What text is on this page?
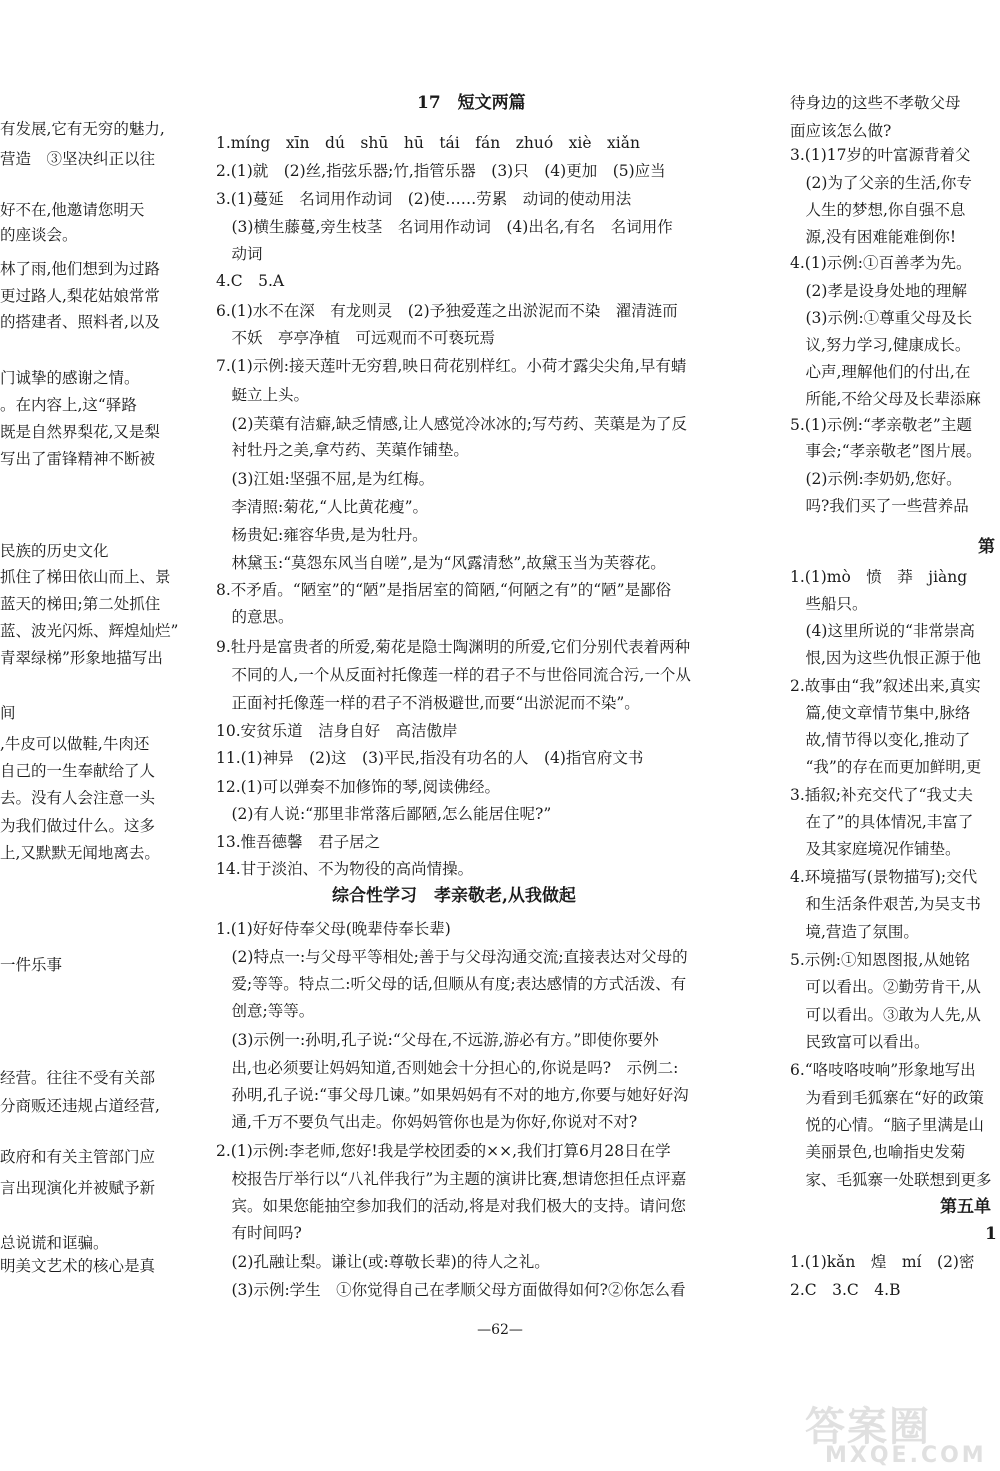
有发展,它有无穷的魅力,
营造　③坚决纠正以往
好不在,他邀请您明天
的座谈会。
林了雨,他们想到为过路
更过路人,梨花姑娘常常
的搭建者、照料者,以及
门诚挚的感谢之情。
。在内容上,这“驿路
既是自然界梨花,又是梨
写出了雷锋精神不断被
民族的历史文化
抓住了梯田依山而上、景
蓝天的梯田;第二处抓住
蓝、波光闪烁、辉煌灿烂”
青翠绿梯”形象地描写出
间
,牛皮可以做鞋,牛肉还
自己的一生奉献给了人
去。没有人会注意一头
为我们做过什么。这多
上,又默默无闻地离去。
一件乐事
经营。往往不受有关部
分商贩还违规占道经营,
政府和有关主管部门应
言出现演化并被赋予新
总说谎和诓骗。
明美文艺术的核心是真
17　短文两篇
1.míng　xīn　dú　shū　hū　tái　fán　zhuó　xiè　xiǎn
2.(1)就　(2)丝,指弦乐器;竹,指管乐器　(3)只　(4)更加　(5)应当
3.(1)蔓延　名词用作动词　(2)使……劳累　动词的使动用法
　(3)横生藤蔓,旁生枝茎　名词用作动词　(4)出名,有名　名词用作
　动词
4.C　5.A
6.(1)水不在深　有龙则灵　(2)予独爱莲之出淤泥而不染　濯清涟而
　不妖　亭亭净植　可远观而不可亵玩焉
7.(1)示例:接天莲叶无穷碧,映日荷花别样红。小荷才露尖尖角,早有蜻
　蜓立上头。
　(2)芙蕖有洁癖,缺乏情感,让人感觉冷冰冰的;写芍药、芙蕖是为了反
　衬牡丹之美,拿芍药、芙蕖作铺垫。
　(3)江姐:坚强不屈,是为红梅。
　李清照:菊花,“人比黄花瘦”。
　杨贵妃:雍容华贵,是为牡丹。
　林黛玉:“莫怨东风当自嗟”,是为“风露清愁”,故黛玉当为芙蓉花。
8.不矛盾。“陋室”的“陋”是指居室的简陋,“何陋之有”的“陋”是鄙俗
　的意思。
9.牡丹是富贵者的所爱,菊花是隐士陶渊明的所爱,它们分别代表着两种
　不同的人,一个从反面衬托像莲一样的君子不与世俗同流合污,一个从
　正面衬托像莲一样的君子不消极避世,而要“出淤泥而不染”。
10.安贫乐道　洁身自好　高洁傲岸
11.(1)神异　(2)这　(3)平民,指没有功名的人　(4)指官府文书
12.(1)可以弹奏不加修饰的琴,阅读佛经。
　(2)有人说:“那里非常落后鄙陋,怎么能居住呢?”
13.惟吾德馨　君子居之
14.甘于淡泊、不为物役的高尚情操。
综合性学习　孝亲敬老,从我做起
1.(1)好好侍奉父母(晚辈侍奉长辈)
　(2)特点一:与父母平等相处;善于与父母沟通交流;直接表达对父母的
　爱;等等。特点二:听父母的话,但顺从有度;表达感情的方式活泼、有
　创意;等等。
　(3)示例一:孙明,孔子说:“父母在,不远游,游必有方。”即使你要外
　出,也必须要让妈妈知道,否则她会十分担心的,你说是吗?　示例二:
　孙明,孔子说:“事父母几谏。”如果妈妈有不对的地方,你要与她好好沟
　通,千万不要负气出走。你妈妈管你也是为你好,你说对不对?
2.(1)示例:李老师,您好!我是学校团委的××,我们打算6月28日在学
　校报告厅举行以“八礼伴我行”为主题的演讲比赛,想请您担任点评嘉
　宾。如果您能抽空参加我们的活动,将是对我们极大的支持。请问您
　有时间吗?
　(2)孔融让梨。谦让(或:尊敬长辈)的待人之礼。
　(3)示例:学生　①你觉得自己在孝顺父母方面做得如何?②你怎么看
待身边的这些不孝敬父母
面应该怎么做?
3.(1)17岁的叶富源背着父
　(2)为了父亲的生活,你专
　人生的梦想,你自强不息
　源,没有困难能难倒你!
4.(1)示例:①百善孝为先。
　(2)孝是设身处地的理解
　(3)示例:①尊重父母及长
　议,努力学习,健康成长。
　心声,理解他们的付出,在
　所能,不给父母及长辈添麻
5.(1)示例:“孝亲敬老”主题
　事会;“孝亲敬老”图片展。
　(2)示例:李奶奶,您好。
　吗?我们买了一些营养品
第
1.(1)mò　愤　莽　jiàng
　些船只。
　(4)这里所说的“非常崇高
　恨,因为这些仇恨正源于他
2.故事由“我”叙述出来,真实
　篇,使文章情节集中,脉络
　故,情节得以变化,推动了
　“我”的存在而更加鲜明,更
3.插叙;补充交代了“我丈夫
　在了”的具体情况,丰富了
　及其家庭境况作铺垫。
4.环境描写(景物描写);交代
　和生活条件艰苦,为吴支书
　境,营造了氛围。
5.示例:①知恩图报,从她铭
　可以看出。②勤劳肯干,从
　可以看出。③敢为人先,从
　民致富可以看出。
6.“咯吱咯吱响”形象地写出
　为看到毛狐寨在“好的政策
　悦的心情。“脑子里满是山
　美丽景色,也喻指史发菊
　家、毛狐寨一处联想到更多
第五单
1
1.(1)kǎn　煌　mí　(2)密
2.C　3.C　4.B
—62—
答案圈
MXQE.COM
